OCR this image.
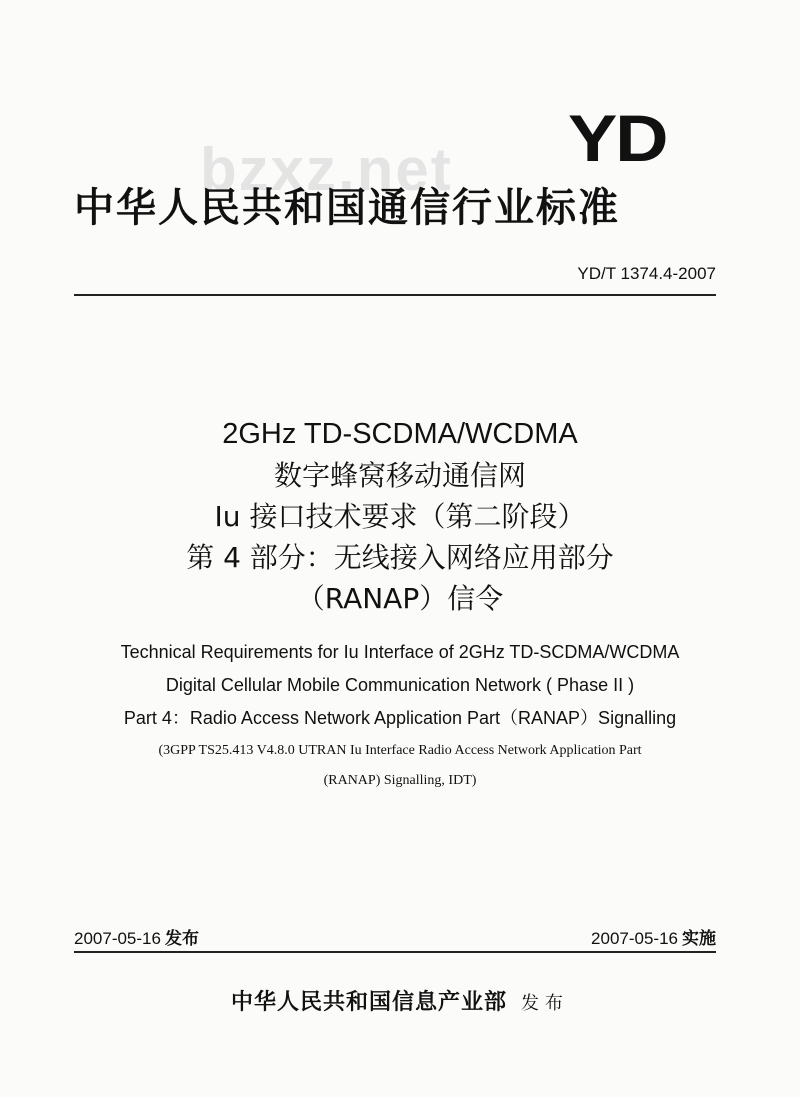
bzxz.net YD
中华人民共和国通信行业标准
YD/T 1374.4-2007
2GHz TD-SCDMA/WCDMA
数字蜂窝移动通信网
Iu 接口技术要求（第二阶段）
第 4 部分：无线接入网络应用部分
（RANAP）信令
Technical Requirements for Iu Interface of 2GHz TD-SCDMA/WCDMA
Digital Cellular Mobile Communication Network ( Phase II )
Part 4：Radio Access Network Application Part（RANAP）Signalling
(3GPP TS25.413 V4.8.0 UTRAN Iu Interface Radio Access Network Application Part
(RANAP) Signalling, IDT)
2007-05-16 发布	2007-05-16 实施
中华人民共和国信息产业部 发布
